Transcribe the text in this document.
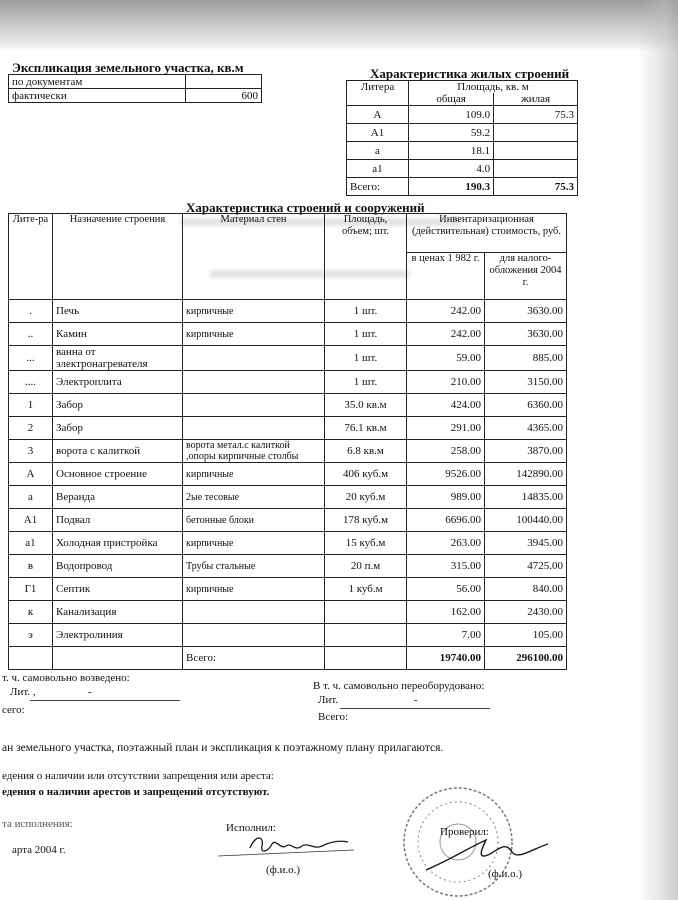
Экспликация земельного участка, кв.м
по документам	
фактически	600
Характеристика жилых строений
Литера	Площадь, кв. м	
	общая	жилая
А	109.0	75.3
А1	59.2	
а	18.1	
а1	4.0	
Всего:	190.3	75.3
Характеристика строений и сооружений
Лите-ра	Назначение строения	Материал стен	Площадь, объем; шт.	Инвентаризационная (действительная) стоимость, руб.	
				в ценах 1 982 г.	для налого-обложения 2004 г.
.	Печь	кирпичные	1 шт.	242.00	3630.00
..	Камин	кирпичные	1 шт.	242.00	3630.00
...	ванна от электронагревателя		1 шт.	59.00	885.00
....	Электроплита		1 шт.	210.00	3150.00
1	Забор		35.0 кв.м	424.00	6360.00
2	Забор		76.1 кв.м	291.00	4365.00
3	ворота с калиткой	ворота метал.с калиткой ,опоры кирпичные столбы	6.8 кв.м	258.00	3870.00
А	Основное строение	кирпичные	406 куб.м	9526.00	142890.00
а	Веранда	2ые тесовые	20 куб.м	989.00	14835.00
А1	Подвал	бетонные блоки	178 куб.м	6696.00	100440.00
а1	Холодная пристройка	кирпичные	15 куб.м	263.00	3945.00
в	Водопровод	Трубы стальные	20 п.м	315.00	4725.00
Г1	Септик	кирпичные	1 куб.м	56.00	840.00
к	Канализация			162.00	2430.00
э	Электролиния			7.00	105.00
		Всего:		19740.00	296100.00
т. ч. самовольно возведено:
Лит. ,	-
сего:
В т. ч. самовольно переоборудовано:
Лит.	-
Всего:
ан земельного участка, поэтажный план и экспликация к поэтажному плану прилагаются.
едения о наличии или отсутствии запрещения или ареста:
едения о наличии арестов и запрещений отсутствуют.
та исполнения:
арта 2004 г.
Исполнил:
(ф.и.о.)
Проверил:
(ф.и.о.)
